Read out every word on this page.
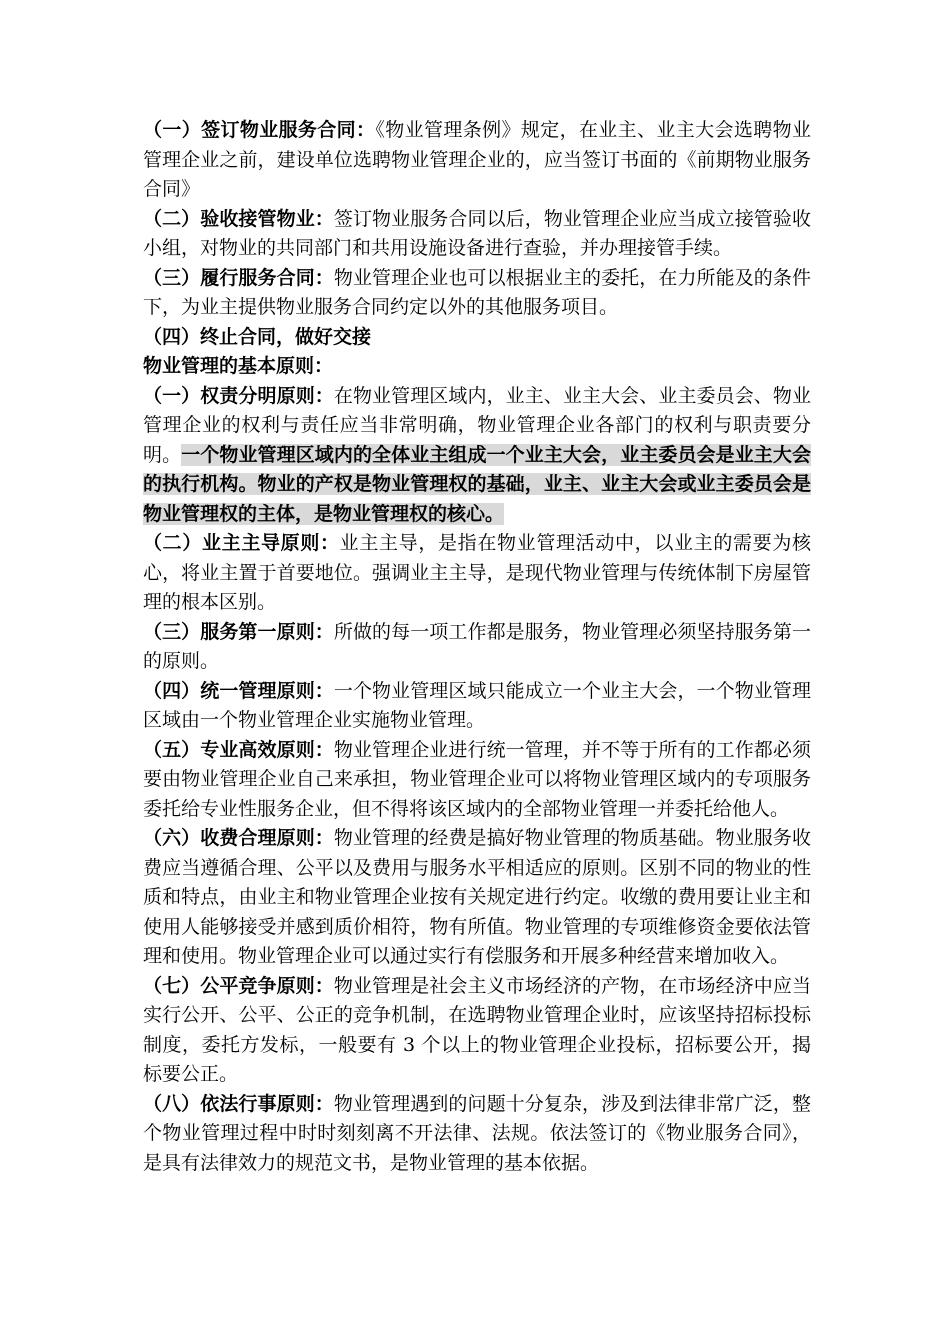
（一）签订物业服务合同：《物业管理条例》规定，在业主、业主大会选聘物业管理企业之前，建设单位选聘物业管理企业的，应当签订书面的《前期物业服务合同》

（二）验收接管物业：签订物业服务合同以后，物业管理企业应当成立接管验收小组，对物业的共同部门和共用设施设备进行查验，并办理接管手续。

（三）履行服务合同：物业管理企业也可以根据业主的委托，在力所能及的条件下，为业主提供物业服务合同约定以外的其他服务项目。

（四）终止合同，做好交接

物业管理的基本原则：

（一）权责分明原则：在物业管理区域内，业主、业主大会、业主委员会、物业管理企业的权利与责任应当非常明确，物业管理企业各部门的权利与职责要分明。一个物业管理区域内的全体业主组成一个业主大会，业主委员会是业主大会的执行机构。物业的产权是物业管理权的基础，业主、业主大会或业主委员会是物业管理权的主体，是物业管理权的核心。

（二）业主主导原则：业主主导，是指在物业管理活动中，以业主的需要为核心，将业主置于首要地位。强调业主主导，是现代物业管理与传统体制下房屋管理的根本区别。

（三）服务第一原则：所做的每一项工作都是服务，物业管理必须坚持服务第一的原则。

（四）统一管理原则：一个物业管理区域只能成立一个业主大会，一个物业管理区域由一个物业管理企业实施物业管理。

（五）专业高效原则：物业管理企业进行统一管理，并不等于所有的工作都必须要由物业管理企业自己来承担，物业管理企业可以将物业管理区域内的专项服务委托给专业性服务企业，但不得将该区域内的全部物业管理一并委托给他人。

（六）收费合理原则：物业管理的经费是搞好物业管理的物质基础。物业服务收费应当遵循合理、公平以及费用与服务水平相适应的原则。区别不同的物业的性质和特点，由业主和物业管理企业按有关规定进行约定。收缴的费用要让业主和使用人能够接受并感到质价相符，物有所值。物业管理的专项维修资金要依法管理和使用。物业管理企业可以通过实行有偿服务和开展多种经营来增加收入。

（七）公平竞争原则：物业管理是社会主义市场经济的产物，在市场经济中应当实行公开、公平、公正的竞争机制，在选聘物业管理企业时，应该坚持招标投标制度，委托方发标，一般要有 3 个以上的物业管理企业投标，招标要公开，揭标要公正。

（八）依法行事原则：物业管理遇到的问题十分复杂，涉及到法律非常广泛，整个物业管理过程中时时刻刻离不开法律、法规。依法签订的《物业服务合同》，是具有法律效力的规范文书，是物业管理的基本依据。
